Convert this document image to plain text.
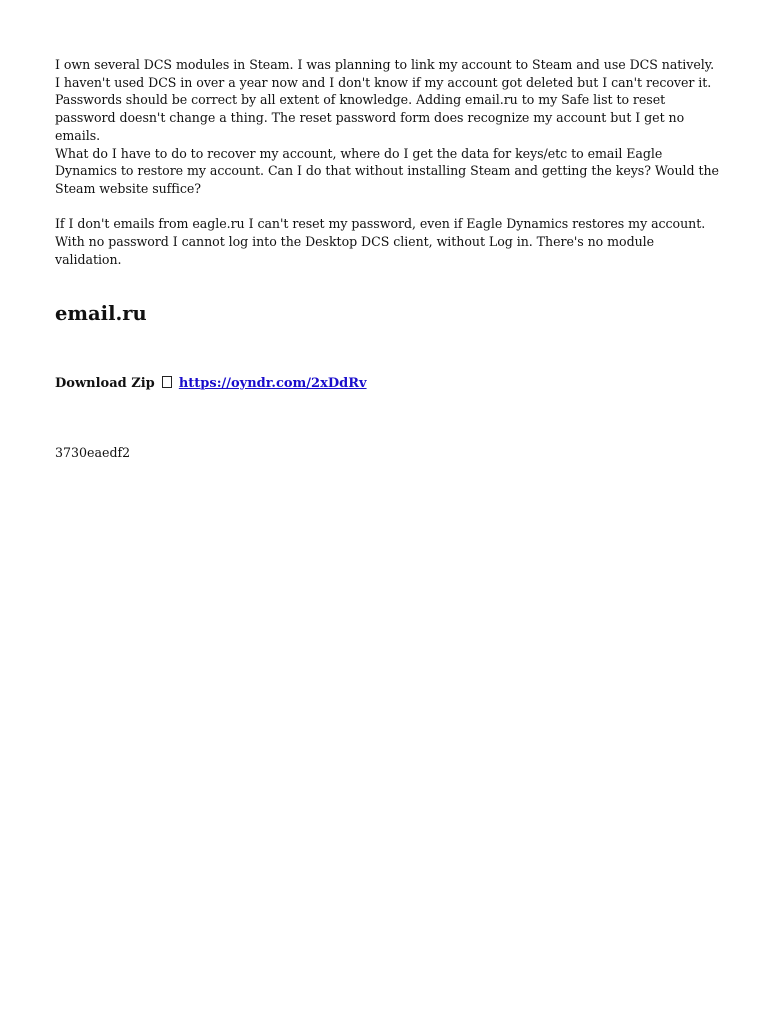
I own several DCS modules in Steam. I was planning to link my account to Steam and use DCS natively. I haven't used DCS in over a year now and I don't know if my account got deleted but I can't recover it.

Passwords should be correct by all extent of knowledge. Adding email.ru to my Safe list to reset password doesn't change a thing. The reset password form does recognize my account but I get no emails.

What do I have to do to recover my account, where do I get the data for keys/etc to email Eagle Dynamics to restore my account. Can I do that without installing Steam and getting the keys? Would the Steam website suffice?

If I don't emails from eagle.ru I can't reset my password, even if Eagle Dynamics restores my account. With no password I cannot log into the Desktop DCS client, without Log in. There's no module validation.

email.ru
Download Zip https://oyndr.com/2xDdRv
3730eaedf2
